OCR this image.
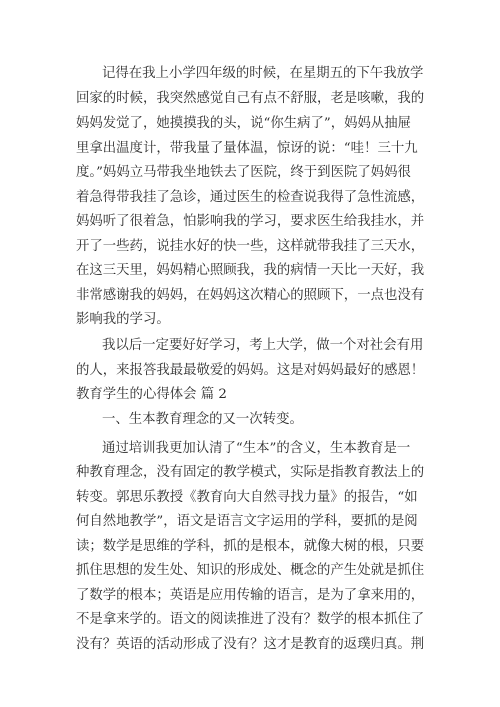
记得在我上小学四年级的时候，在星期五的下午我放学
回家的时候，我突然感觉自己有点不舒服，老是咳嗽，我的
妈妈发觉了，她摸摸我的头，说“你生病了”，妈妈从抽屉
里拿出温度计，带我量了量体温，惊讶的说：“哇！三十九
度。”妈妈立马带我坐地铁去了医院，终于到医院了妈妈很
着急得带我挂了急诊，通过医生的检查说我得了急性流感，
妈妈听了很着急，怕影响我的学习，要求医生给我挂水，并
开了一些药，说挂水好的快一些，这样就带我挂了三天水，
在这三天里，妈妈精心照顾我，我的病情一天比一天好，我
非常感谢我的妈妈，在妈妈这次精心的照顾下，一点也没有
影响我的学习。
我以后一定要好好学习，考上大学，做一个对社会有用
的人，来报答我最最敬爱的妈妈。这是对妈妈最好的感恩！
教育学生的心得体会 篇 2
一、生本教育理念的又一次转变。
通过培训我更加认清了“生本”的含义，生本教育是一
种教育理念，没有固定的教学模式，实际是指教育教法上的
转变。郭思乐教授《教育向大自然寻找力量》的报告，“如
何自然地教学”，语文是语言文字运用的学科，要抓的是阅
读；数学是思维的学科，抓的是根本，就像大树的根，只要
抓住思想的发生处、知识的形成处、概念的产生处就是抓住
了数学的根本；英语是应用传输的语言，是为了拿来用的，
不是拿来学的。语文的阅读推进了没有？数学的根本抓住了
没有？英语的活动形成了没有？这才是教育的返璞归真。荆
